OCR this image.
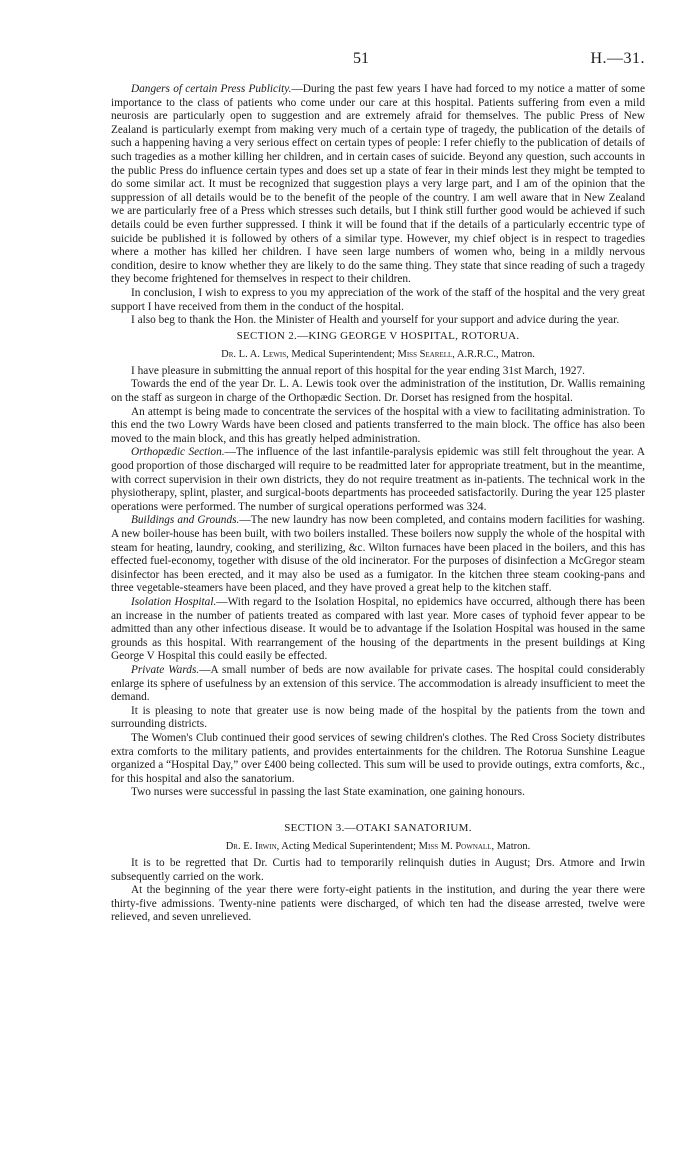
51	H.—31.

Dangers of certain Press Publicity.—During the past few years I have had forced to my notice a matter of some importance to the class of patients who come under our care at this hospital. Patients suffering from even a mild neurosis are particularly open to suggestion and are extremely afraid for themselves. The public Press of New Zealand is particularly exempt from making very much of a certain type of tragedy, the publication of the details of such a happening having a very serious effect on certain types of people: I refer chiefly to the publication of details of such tragedies as a mother killing her children, and in certain cases of suicide. Beyond any question, such accounts in the public Press do influence certain types and does set up a state of fear in their minds lest they might be tempted to do some similar act. It must be recognized that suggestion plays a very large part, and I am of the opinion that the suppression of all details would be to the benefit of the people of the country. I am well aware that in New Zealand we are particularly free of a Press which stresses such details, but I think still further good would be achieved if such details could be even further suppressed. I think it will be found that if the details of a particularly eccentric type of suicide be published it is followed by others of a similar type. However, my chief object is in respect to tragedies where a mother has killed her children. I have seen large numbers of women who, being in a mildly nervous condition, desire to know whether they are likely to do the same thing. They state that since reading of such a tragedy they become frightened for themselves in respect to their children.

In conclusion, I wish to express to you my appreciation of the work of the staff of the hospital and the very great support I have received from them in the conduct of the hospital.

I also beg to thank the Hon. the Minister of Health and yourself for your support and advice during the year.

SECTION 2.—KING GEORGE V HOSPITAL, ROTORUA.

Dr. L. A. Lewis, Medical Superintendent; Miss Searell, A.R.R.C., Matron.

I have pleasure in submitting the annual report of this hospital for the year ending 31st March, 1927.

Towards the end of the year Dr. L. A. Lewis took over the administration of the institution, Dr. Wallis remaining on the staff as surgeon in charge of the Orthopædic Section. Dr. Dorset has resigned from the hospital.

An attempt is being made to concentrate the services of the hospital with a view to facilitating administration. To this end the two Lowry Wards have been closed and patients transferred to the main block. The office has also been moved to the main block, and this has greatly helped administration.

Orthopædic Section.—The influence of the last infantile-paralysis epidemic was still felt throughout the year. A good proportion of those discharged will require to be readmitted later for appropriate treatment, but in the meantime, with correct supervision in their own districts, they do not require treatment as in-patients. The technical work in the physiotherapy, splint, plaster, and surgical-boots departments has proceeded satisfactorily. During the year 125 plaster operations were performed. The number of surgical operations performed was 324.

Buildings and Grounds.—The new laundry has now been completed, and contains modern facilities for washing. A new boiler-house has been built, with two boilers installed. These boilers now supply the whole of the hospital with steam for heating, laundry, cooking, and sterilizing, &c. Wilton furnaces have been placed in the boilers, and this has effected fuel-economy, together with disuse of the old incinerator. For the purposes of disinfection a McGregor steam disinfector has been erected, and it may also be used as a fumigator. In the kitchen three steam cooking-pans and three vegetable-steamers have been placed, and they have proved a great help to the kitchen staff.

Isolation Hospital.—With regard to the Isolation Hospital, no epidemics have occurred, although there has been an increase in the number of patients treated as compared with last year. More cases of typhoid fever appear to be admitted than any other infectious disease. It would be to advantage if the Isolation Hospital was housed in the same grounds as this hospital. With rearrangement of the housing of the departments in the present buildings at King George V Hospital this could easily be effected.

Private Wards.—A small number of beds are now available for private cases. The hospital could considerably enlarge its sphere of usefulness by an extension of this service. The accommodation is already insufficient to meet the demand.

It is pleasing to note that greater use is now being made of the hospital by the patients from the town and surrounding districts.

The Women's Club continued their good services of sewing children's clothes. The Red Cross Society distributes extra comforts to the military patients, and provides entertainments for the children. The Rotorua Sunshine League organized a “Hospital Day,” over £400 being collected. This sum will be used to provide outings, extra comforts, &c., for this hospital and also the sanatorium.

Two nurses were successful in passing the last State examination, one gaining honours.

SECTION 3.—OTAKI SANATORIUM.

Dr. E. Irwin, Acting Medical Superintendent; Miss M. Pownall, Matron.

It is to be regretted that Dr. Curtis had to temporarily relinquish duties in August; Drs. Atmore and Irwin subsequently carried on the work.

At the beginning of the year there were forty-eight patients in the institution, and during the year there were thirty-five admissions. Twenty-nine patients were discharged, of which ten had the disease arrested, twelve were relieved, and seven unrelieved.
